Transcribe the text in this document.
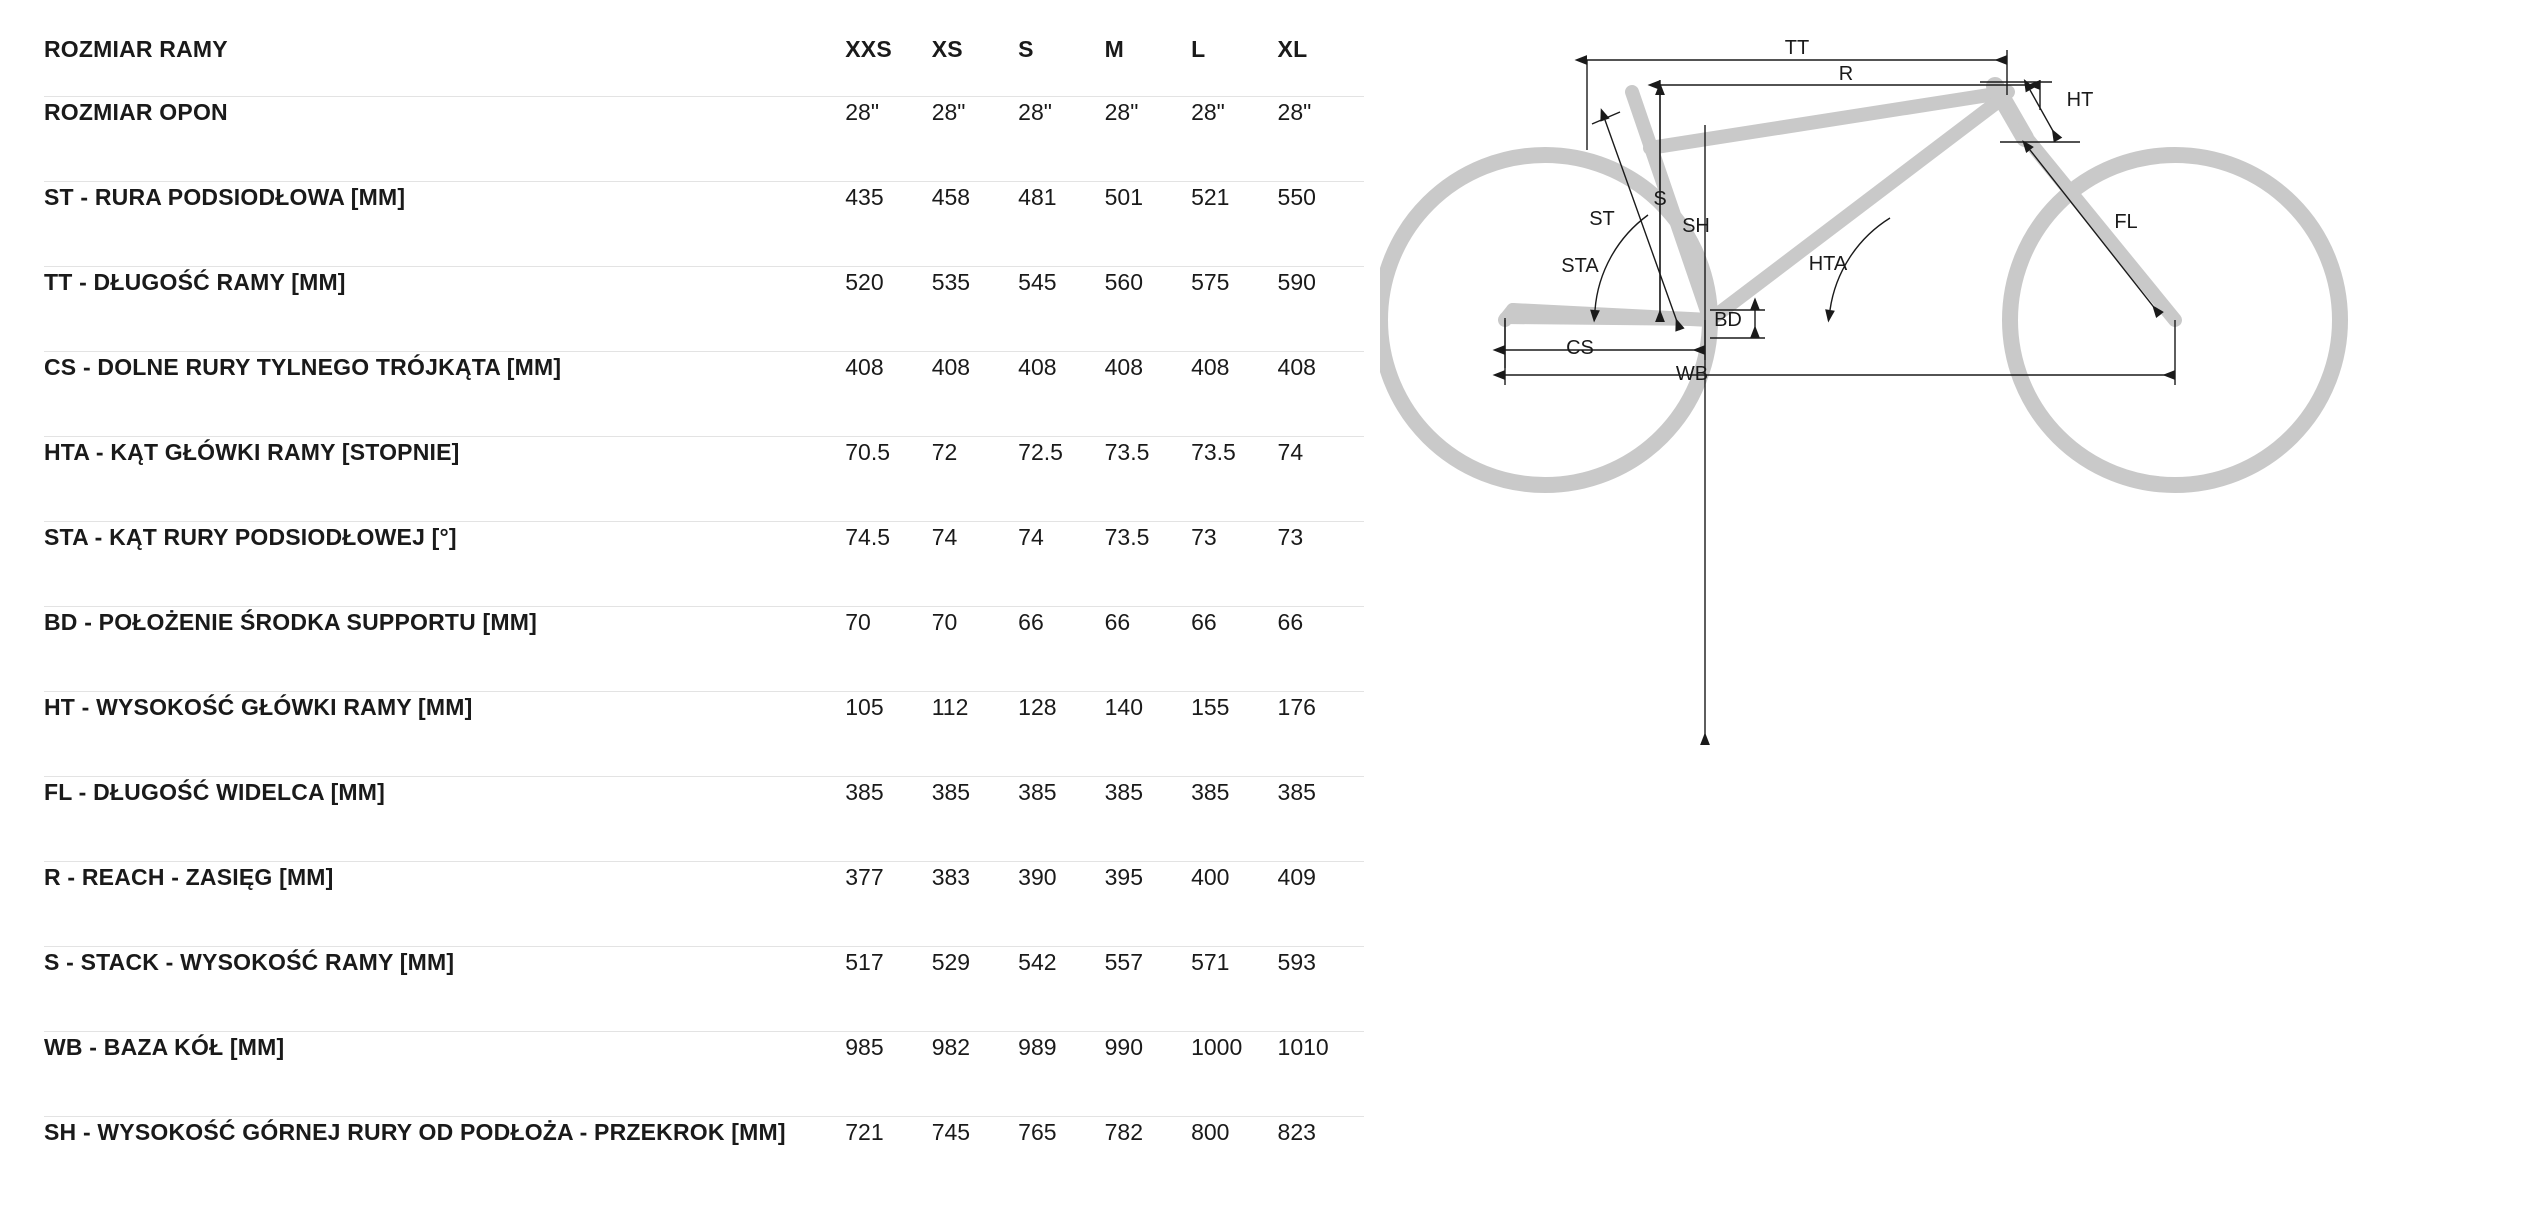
ROZMIAR RAMY	XXS	XS	S	M	L	XL
ROZMIAR OPON	28"	28"	28"	28"	28"	28"
ST - RURA PODSIODŁOWA [MM]	435	458	481	501	521	550
TT - DŁUGOŚĆ RAMY [MM]	520	535	545	560	575	590
CS - DOLNE RURY TYLNEGO TRÓJKĄTA [MM]	408	408	408	408	408	408
HTA - KĄT GŁÓWKI RAMY [STOPNIE]	70.5	72	72.5	73.5	73.5	74
STA - KĄT RURY PODSIODŁOWEJ [°]	74.5	74	74	73.5	73	73
BD - POŁOŻENIE ŚRODKA SUPPORTU [MM]	70	70	66	66	66	66
HT - WYSOKOŚĆ GŁÓWKI RAMY [MM]	105	112	128	140	155	176
FL - DŁUGOŚĆ WIDELCA [MM]	385	385	385	385	385	385
R - REACH - ZASIĘG [MM]	377	383	390	395	400	409
S - STACK - WYSOKOŚĆ RAMY [MM]	517	529	542	557	571	593
WB - BAZA KÓŁ [MM]	985	982	989	990	1000	1010
SH - WYSOKOŚĆ GÓRNEJ RURY OD PODŁOŻA - PRZEKROK [MM]	721	745	765	782	800	823
TT
R
HT
ST
S
SH
STA
FL
HTA
BD
CS
WB
